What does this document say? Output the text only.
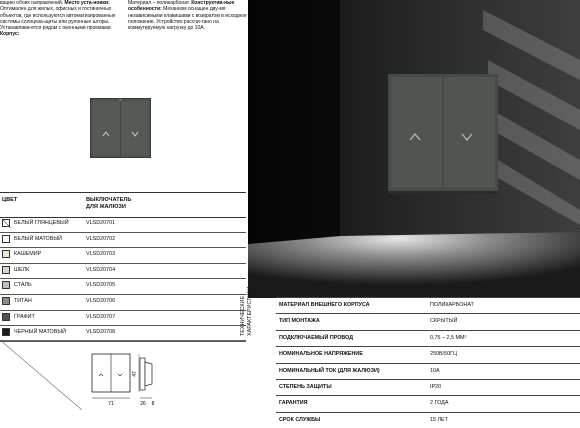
вацию обоих направлений. Место уста-новки: Оптимален для жилых, офисных и гостиничных объектов, где используются автоматизированные системы солнцеза-щиты или рулонные шторы. Устанавлива-ется рядом с оконными проемами. Корпус:
Материал – поликарбонат. Конструктив-ные особенности: Механизм оснащен дву-мя независимыми клавишами с возвратом в исходное положение. Устройство рассчи-тано на коммутируемую нагрузку до 10А.
ЦВЕТ	ВЫКЛЮЧАТЕЛЬ
ДЛЯ ЖАЛЮЗИ
БЕЛЫЙ ГЛЯНЦЕВЫЙ	VLSD20701
БЕЛЫЙ МАТОВЫЙ	VLSD20702
КАШЕМИР	VLSD20703
ШЕЛК	VLSD20704
СТАЛЬ	VLSD20705
ТИТАН	VLSD20706
ГРАФИТ	VLSD20707
ЧЕРНЫЙ МАТОВЫЙ	VLSD20708
71
47
26 8
ТЕХНИЧЕСКИЕ ХАРАКТЕРИСТИКИ	МАТЕРИАЛ ВНЕШНЕГО КОРПУСА	ПОЛИКАРБОНАТ
ТИП МОНТАЖА	СКРЫТЫЙ
ПОДКЛЮЧАЕМЫЙ ПРОВОД	0,75 – 2,5 ММ²
НОМИНАЛЬНОЕ НАПРЯЖЕНИЕ	250В/50ГЦ
НОМИНАЛЬНЫЙ ТОК (ДЛЯ ЖАЛЮЗИ)	10А
СТЕПЕНЬ ЗАЩИТЫ	IP20
ГАРАНТИЯ	2 ГОДА
СРОК СЛУЖБЫ	15 ЛЕТ
